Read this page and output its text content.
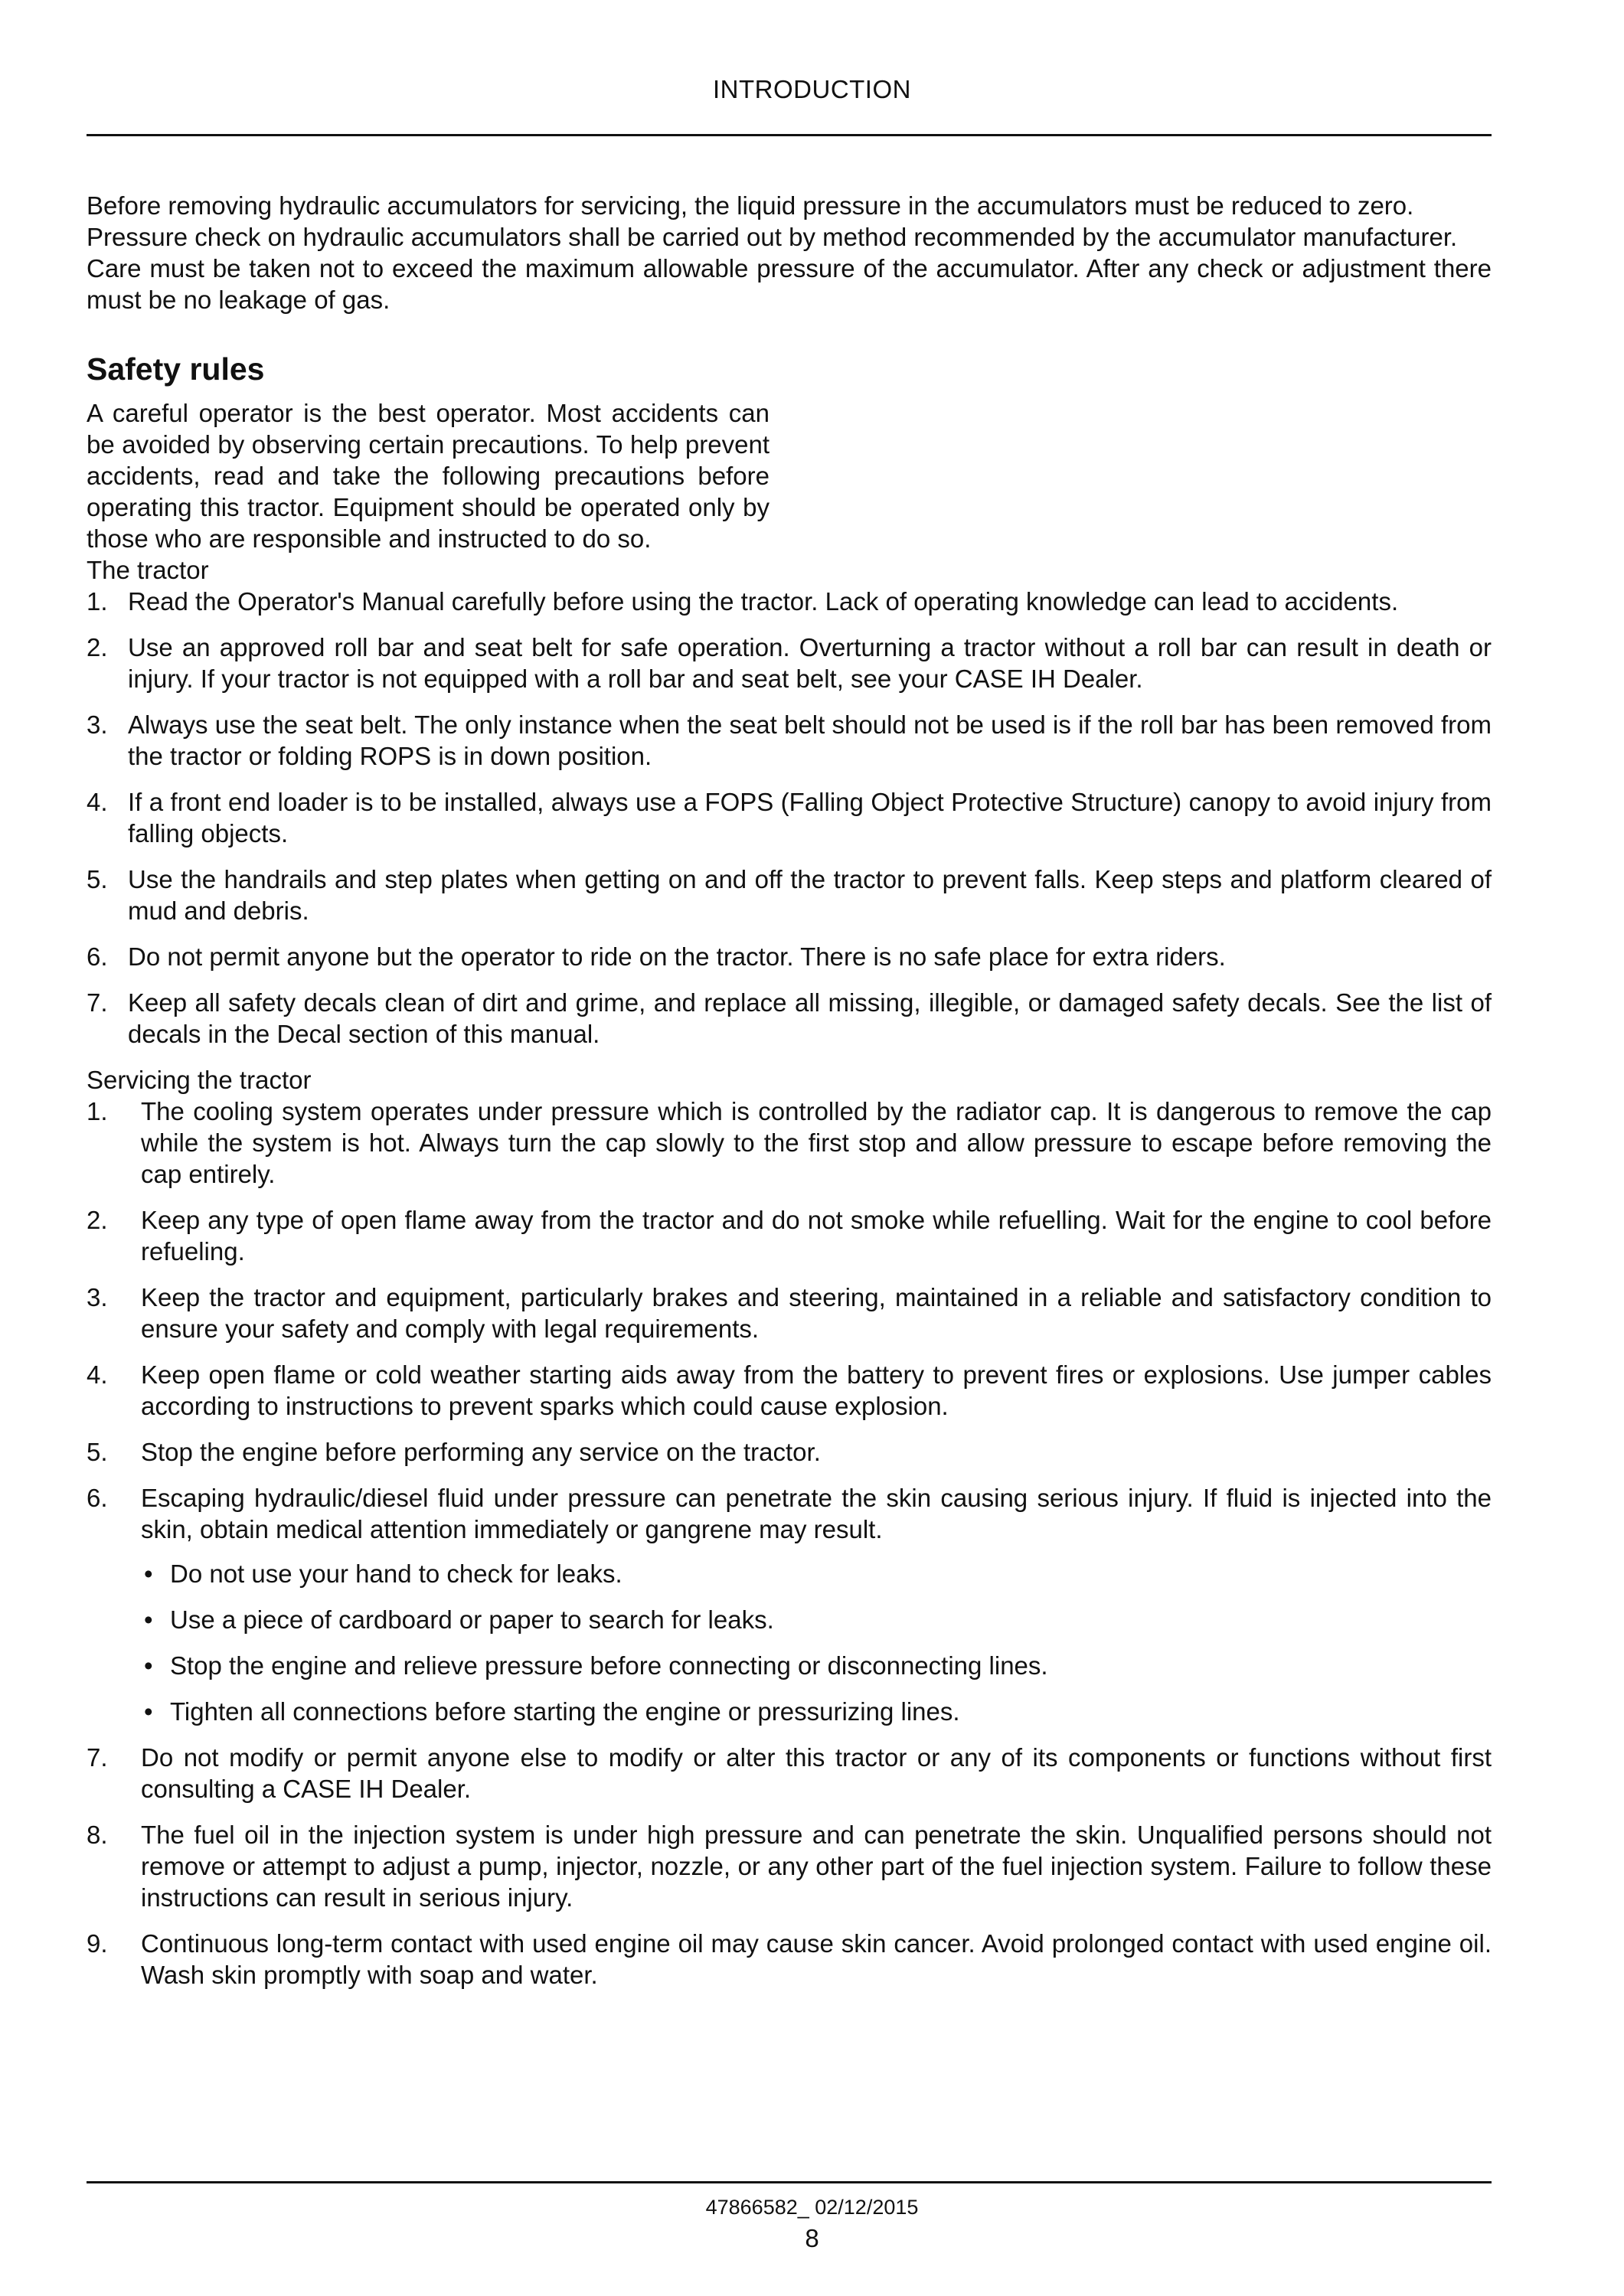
INTRODUCTION

Before removing hydraulic accumulators for servicing, the liquid pressure in the accumulators must be reduced to zero.

Pressure check on hydraulic accumulators shall be carried out by method recommended by the accumulator manufacturer.

Care must be taken not to exceed the maximum allowable pressure of the accumulator. After any check or adjustment there must be no leakage of gas.

Safety rules

A careful operator is the best operator. Most accidents can be avoided by observing certain precautions. To help prevent accidents, read and take the following precautions before operating this tractor. Equipment should be operated only by those who are responsible and instructed to do so.

The tractor

1. Read the Operator's Manual carefully before using the tractor. Lack of operating knowledge can lead to accidents.
2. Use an approved roll bar and seat belt for safe operation. Overturning a tractor without a roll bar can result in death or injury. If your tractor is not equipped with a roll bar and seat belt, see your CASE IH Dealer.
3. Always use the seat belt. The only instance when the seat belt should not be used is if the roll bar has been removed from the tractor or folding ROPS is in down position.
4. If a front end loader is to be installed, always use a FOPS (Falling Object Protective Structure) canopy to avoid injury from falling objects.
5. Use the handrails and step plates when getting on and off the tractor to prevent falls. Keep steps and platform cleared of mud and debris.
6. Do not permit anyone but the operator to ride on the tractor. There is no safe place for extra riders.
7. Keep all safety decals clean of dirt and grime, and replace all missing, illegible, or damaged safety decals. See the list of decals in the Decal section of this manual.

Servicing the tractor

1. The cooling system operates under pressure which is controlled by the radiator cap. It is dangerous to remove the cap while the system is hot. Always turn the cap slowly to the first stop and allow pressure to escape before removing the cap entirely.
2. Keep any type of open flame away from the tractor and do not smoke while refuelling. Wait for the engine to cool before refueling.
3. Keep the tractor and equipment, particularly brakes and steering, maintained in a reliable and satisfactory condition to ensure your safety and comply with legal requirements.
4. Keep open flame or cold weather starting aids away from the battery to prevent fires or explosions. Use jumper cables according to instructions to prevent sparks which could cause explosion.
5. Stop the engine before performing any service on the tractor.
6. Escaping hydraulic/diesel fluid under pressure can penetrate the skin causing serious injury. If fluid is injected into the skin, obtain medical attention immediately or gangrene may result.
• Do not use your hand to check for leaks.
• Use a piece of cardboard or paper to search for leaks.
• Stop the engine and relieve pressure before connecting or disconnecting lines.
• Tighten all connections before starting the engine or pressurizing lines.
7. Do not modify or permit anyone else to modify or alter this tractor or any of its components or functions without first consulting a CASE IH Dealer.
8. The fuel oil in the injection system is under high pressure and can penetrate the skin. Unqualified persons should not remove or attempt to adjust a pump, injector, nozzle, or any other part of the fuel injection system. Failure to follow these instructions can result in serious injury.
9. Continuous long-term contact with used engine oil may cause skin cancer. Avoid prolonged contact with used engine oil. Wash skin promptly with soap and water.
47866582_ 02/12/2015
8
